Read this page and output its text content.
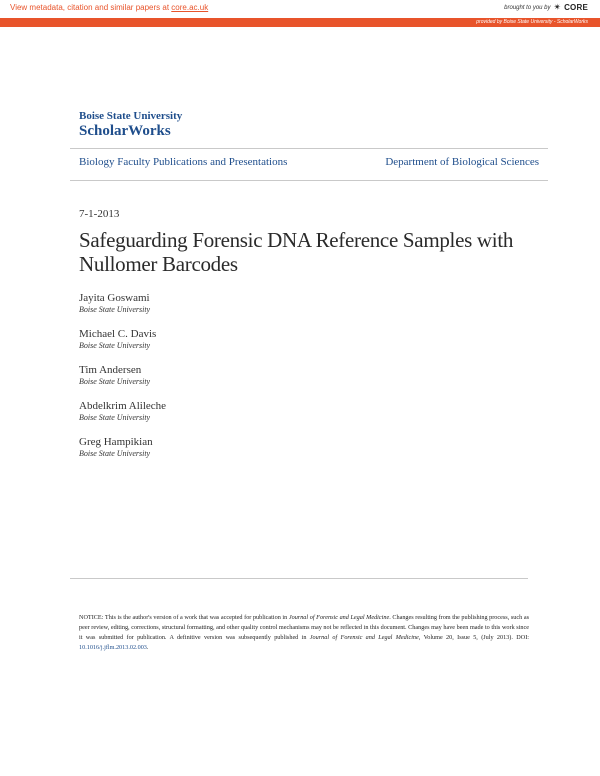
View metadata, citation and similar papers at core.ac.uk	brought to you by ✴ CORE
provided by Boise State University - ScholarWorks
Boise State University
ScholarWorks
Biology Faculty Publications and Presentations	Department of Biological Sciences
7-1-2013
Safeguarding Forensic DNA Reference Samples with Nullomer Barcodes
Jayita Goswami
Boise State University
Michael C. Davis
Boise State University
Tim Andersen
Boise State University
Abdelkrim Alileche
Boise State University
Greg Hampikian
Boise State University
NOTICE: This is the author's version of a work that was accepted for publication in Journal of Forensic and Legal Medicine. Changes resulting from the publishing process, such as peer review, editing, corrections, structural formatting, and other quality control mechanisms may not be reflected in this document. Changes may have been made to this work since it was submitted for publication. A definitive version was subsequently published in Journal of Forensic and Legal Medicine, Volume 20, Issue 5, (July 2013). DOI: 10.1016/j.jflm.2013.02.003.
